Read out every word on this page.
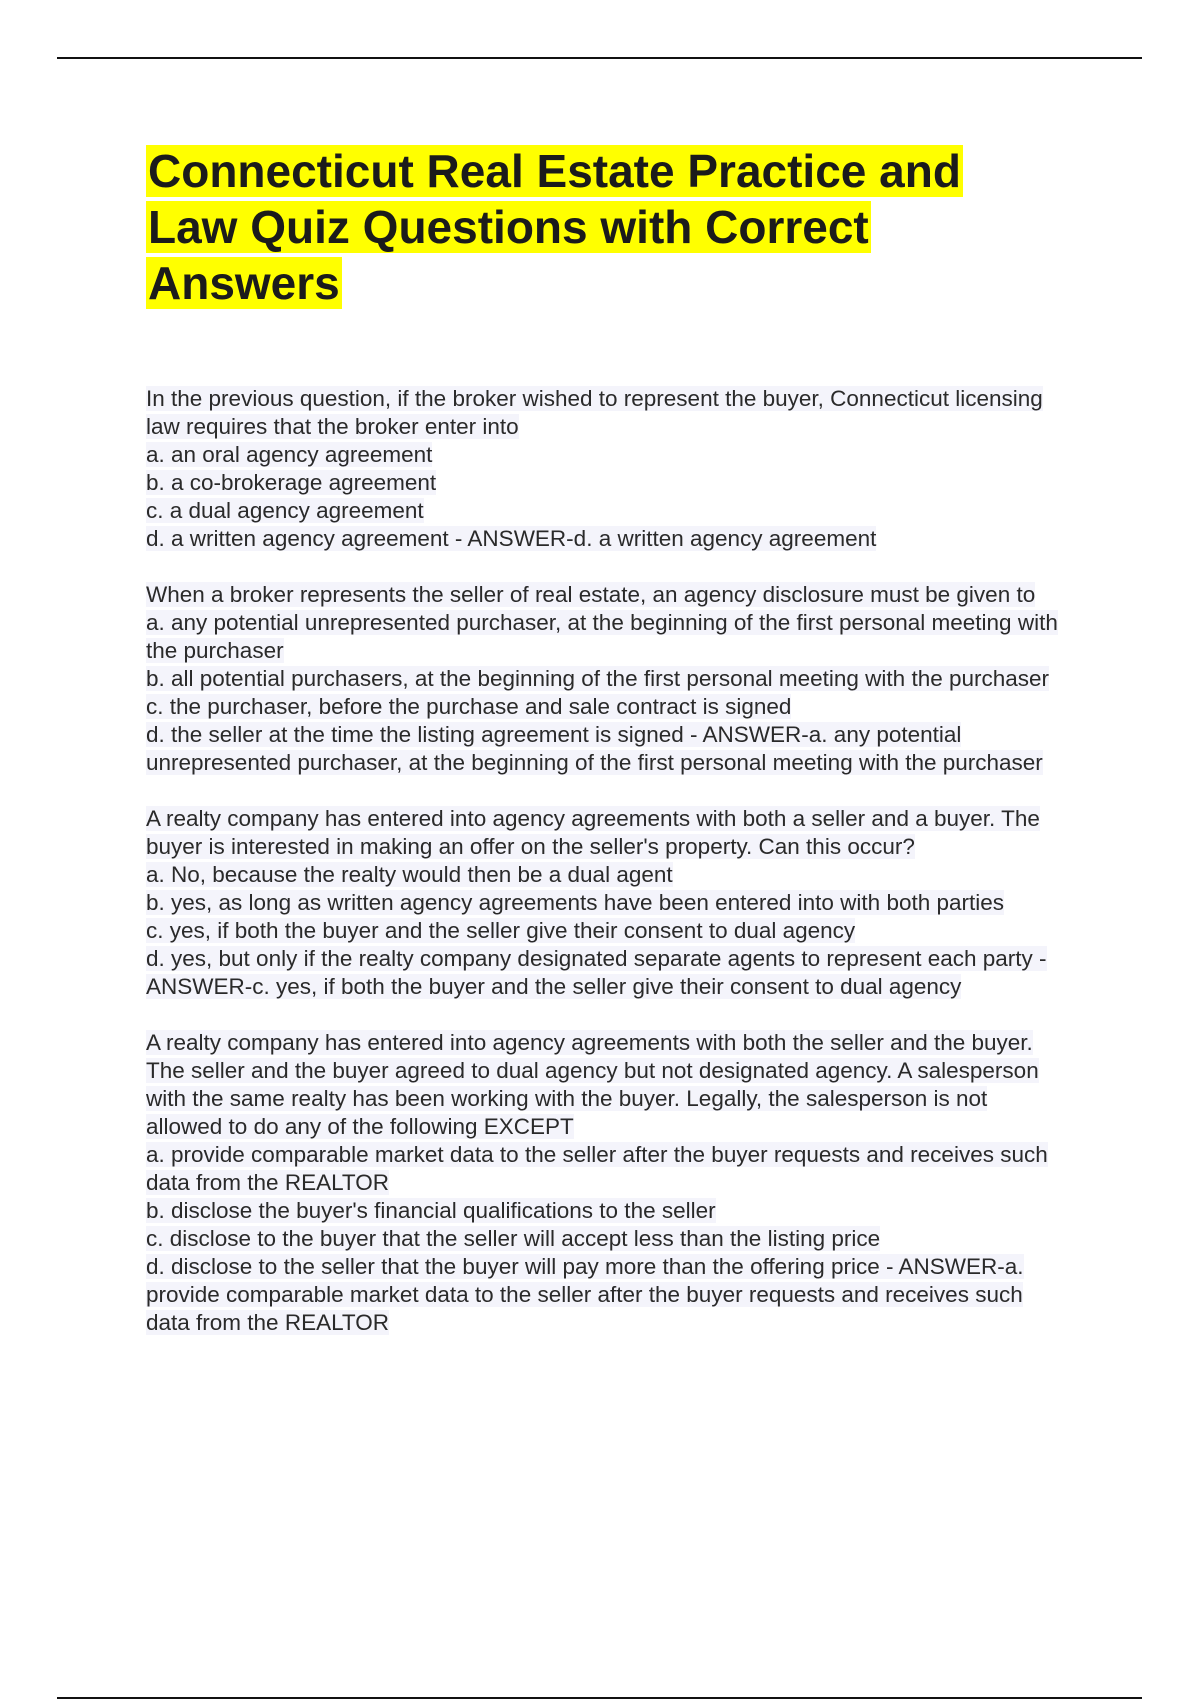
Connecticut Real Estate Practice and Law Quiz Questions with Correct Answers
In the previous question, if the broker wished to represent the buyer, Connecticut licensing law requires that the broker enter into
a. an oral agency agreement
b. a co-brokerage agreement
c. a dual agency agreement
d. a written agency agreement - ANSWER-d. a written agency agreement
When a broker represents the seller of real estate, an agency disclosure must be given to
a. any potential unrepresented purchaser, at the beginning of the first personal meeting with the purchaser
b. all potential purchasers, at the beginning of the first personal meeting with the purchaser
c. the purchaser, before the purchase and sale contract is signed
d. the seller at the time the listing agreement is signed - ANSWER-a. any potential unrepresented purchaser, at the beginning of the first personal meeting with the purchaser
A realty company has entered into agency agreements with both a seller and a buyer. The buyer is interested in making an offer on the seller's property. Can this occur?
a. No, because the realty would then be a dual agent
b. yes, as long as written agency agreements have been entered into with both parties
c. yes, if both the buyer and the seller give their consent to dual agency
d. yes, but only if the realty company designated separate agents to represent each party - ANSWER-c. yes, if both the buyer and the seller give their consent to dual agency
A realty company has entered into agency agreements with both the seller and the buyer. The seller and the buyer agreed to dual agency but not designated agency. A salesperson with the same realty has been working with the buyer. Legally, the salesperson is not allowed to do any of the following EXCEPT
a. provide comparable market data to the seller after the buyer requests and receives such data from the REALTOR
b. disclose the buyer's financial qualifications to the seller
c. disclose to the buyer that the seller will accept less than the listing price
d. disclose to the seller that the buyer will pay more than the offering price - ANSWER-a. provide comparable market data to the seller after the buyer requests and receives such data from the REALTOR
